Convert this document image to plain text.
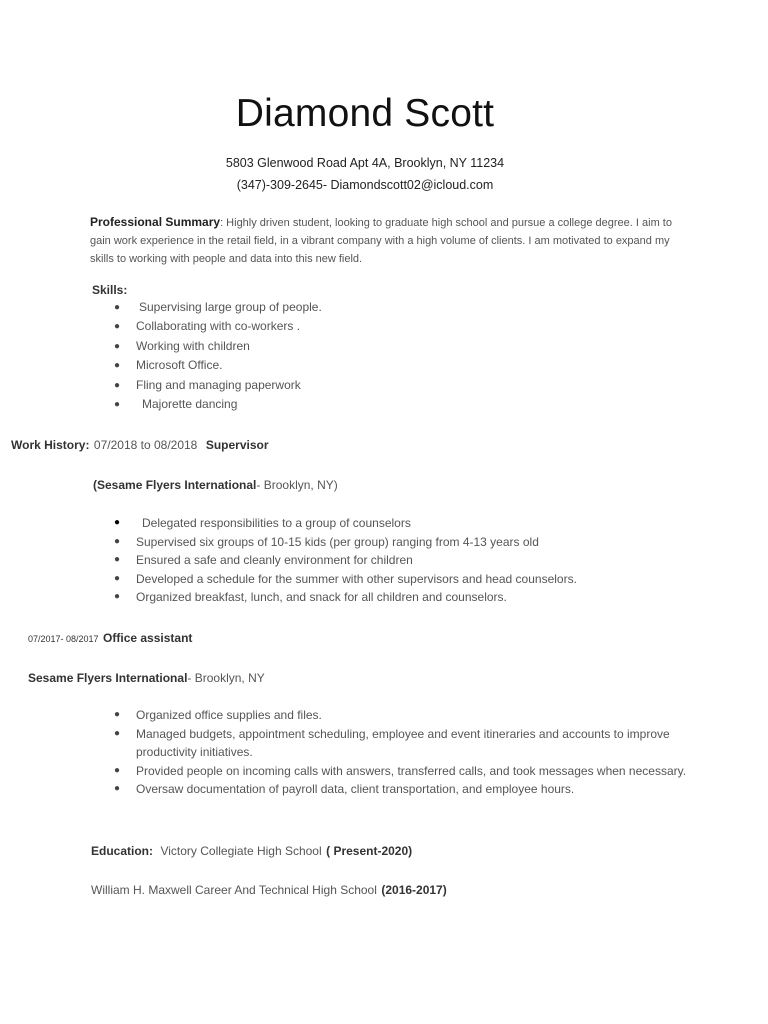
Diamond Scott
5803 Glenwood Road Apt 4A, Brooklyn, NY 11234
(347)-309-2645- Diamondscott02@icloud.com
Professional Summary: Highly driven student, looking to graduate high school and pursue a college degree. I aim to gain work experience in the retail field, in a vibrant company with a high volume of clients. I am motivated to expand my skills to working with people and data into this new field.
Skills:
● Supervising large group of people.
● Collaborating with co-workers .
● Working with children
● Microsoft Office.
● Fling and managing paperwork
● Majorette dancing
Work History: 07/2018 to 08/2018 Supervisor
(Sesame Flyers International- Brooklyn, NY)
● Delegated responsibilities to a group of counselors
● Supervised six groups of 10-15 kids (per group) ranging from 4-13 years old
● Ensured a safe and cleanly environment for children
● Developed a schedule for the summer with other supervisors and head counselors.
● Organized breakfast, lunch, and snack for all children and counselors.
07/2017- 08/2017 Office assistant
Sesame Flyers International- Brooklyn, NY
● Organized office supplies and files.
● Managed budgets, appointment scheduling, employee and event itineraries and accounts to improve productivity initiatives.
● Provided people on incoming calls with answers, transferred calls, and took messages when necessary.
● Oversaw documentation of payroll data, client transportation, and employee hours.
Education: Victory Collegiate High School ( Present-2020)
William H. Maxwell Career And Technical High School (2016-2017)
